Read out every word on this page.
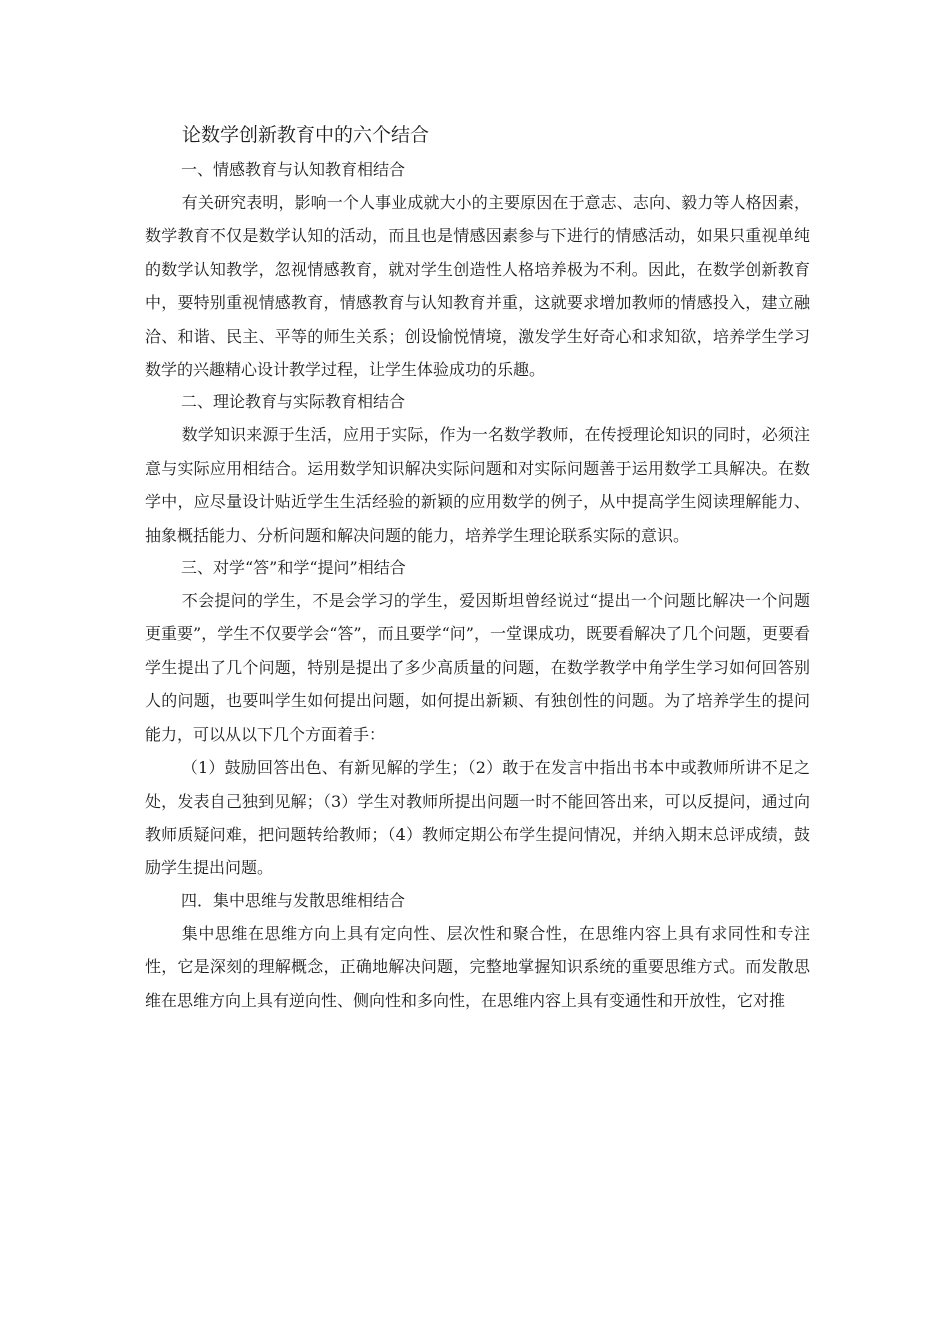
论数学创新教育中的六个结合
一、情感教育与认知教育相结合

有关研究表明，影响一个人事业成就大小的主要原因在于意志、志向、毅力等人格因素，数学教育不仅是数学认知的活动，而且也是情感因素参与下进行的情感活动，如果只重视单纯的数学认知教学，忽视情感教育，就对学生创造性人格培养极为不利。因此，在数学创新教育中，要特别重视情感教育，情感教育与认知教育并重，这就要求增加教师的情感投入，建立融洽、和谐、民主、平等的师生关系；创设愉悦情境，激发学生好奇心和求知欲，培养学生学习数学的兴趣精心设计教学过程，让学生体验成功的乐趣。

二、理论教育与实际教育相结合

数学知识来源于生活，应用于实际，作为一名数学教师，在传授理论知识的同时，必须注意与实际应用相结合。运用数学知识解决实际问题和对实际问题善于运用数学工具解决。在数学中，应尽量设计贴近学生生活经验的新颖的应用数学的例子，从中提高学生阅读理解能力、抽象概括能力、分析问题和解决问题的能力，培养学生理论联系实际的意识。

三、对学“答”和学“提问”相结合

不会提问的学生，不是会学习的学生，爱因斯坦曾经说过“提出一个问题比解决一个问题更重要”，学生不仅要学会“答”，而且要学“问”，一堂课成功，既要看解决了几个问题，更要看学生提出了几个问题，特别是提出了多少高质量的问题，在数学教学中角学生学习如何回答别人的问题，也要叫学生如何提出问题，如何提出新颖、有独创性的问题。为了培养学生的提问能力，可以从以下几个方面着手：

（1）鼓励回答出色、有新见解的学生；（2）敢于在发言中指出书本中或教师所讲不足之处，发表自己独到见解；（3）学生对教师所提出问题一时不能回答出来，可以反提问，通过向教师质疑问难，把问题转给教师；（4）教师定期公布学生提问情况，并纳入期末总评成绩，鼓励学生提出问题。

四．集中思维与发散思维相结合

集中思维在思维方向上具有定向性、层次性和聚合性，在思维内容上具有求同性和专注性，它是深刻的理解概念，正确地解决问题，完整地掌握知识系统的重要思维方式。而发散思维在思维方向上具有逆向性、侧向性和多向性，在思维内容上具有变通性和开放性，它对推
